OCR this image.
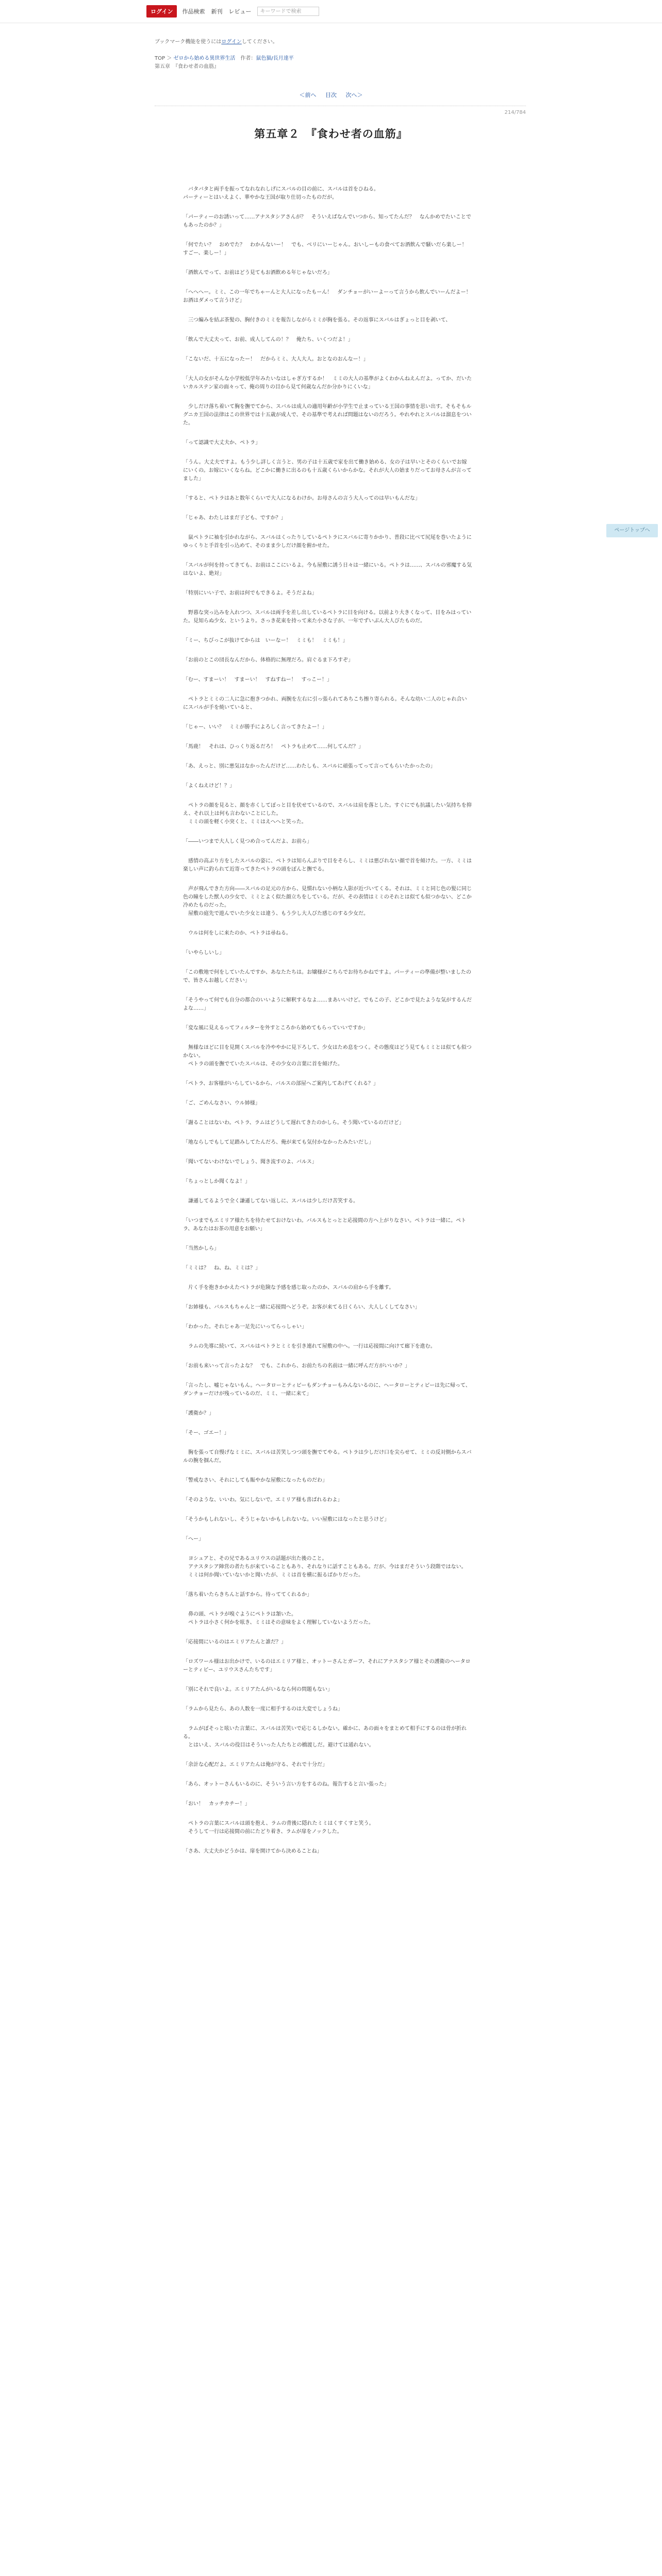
ログイン	作品検索 新刊 レビュー	キーワードで検索
ブックマーク機能を使うにはログインしてください。
TOP ＞ ゼロから始める異世界生活　作者：鼠色猫/長月達平
第五章　『食わせ者の血筋』
＜前へ 目次 次へ＞
214/784
第五章２　『食わせ者の血筋』

　バタバタと両手を振ってなれなれしげにスバルの目の前に、スバルは首をひねる。
パーティーとはいえよく、華やかな王国が取り仕切ったものだが。

「パーティーのお誘いって……アナスタシアさんが？　そういえばなんでいつから、知ってたんだ？　なんかめでたいことでもあったのか？」

「何でたい？　おめでた？　わかんないー！　でも、ベリにいーじゃん。おいしーもの食べてお酒飲んで騒いだら楽しー！　すごー、楽しー！」

「酒飲んでって、お前はどう見てもお酒飲める年じゃないだろ」

「へへへー。ミミ、この一年でちゃーんと大人になったもーん！　ダンチョーがいーよーって言うから飲んでいーんだよー！　お酒はダメって言うけど」

　三つ編みを結ぶ茶髪の、胸付きのミミを報告しながらミミが胸を張る。その返事にスバルはぎょっと目を剥いて、

「飲んで大丈夫って、お前、成人してんの！？　俺たち、いくつだよ！」

「こないだ、十五になったー！　だからミミ、大人大人。おとなのおんなー！」

「大人の女がそんな小学校低学年みたいなはしゃぎ方するか！　ミミの大人の基準がよくわかんねえんだよ。ってか、だいたいカルステン家の面々って、俺の周りの目から見て何歳なんだか分かりにくいな」

　少しだけ落ち着いて胸を撫でてから、スバルは成人の適用年齢が小学生で止まっている王国の事情を思い出す。そもそもルグニカ王国の法律はこの世界では十五歳が成人で、その基準で考えれば問題はないのだろう。やれやれとスバルは溜息をついた。

「って認識で大丈夫か、ペトラ」

「うん。大丈夫ですよ。もう少し詳しく言うと、男の子は十五歳で家を出て働き始める、女の子は早いとそのくらいでお嫁にいくの。お嫁にいくならね。どこかに働きに出るのも十五歳くらいからかな。それが大人の始まりだってお母さんが言ってました」

「すると、ペトラはあと数年くらいで大人になるわけか。お母さんの言う大人ってのは早いもんだな」

「じゃあ、わたしはまだ子ども、ですか？」

　鼠ペトラに袖を引かれながら、スバルはくったりしているペトラにスバルに寄りかかり、普段に比べて尻尾を巻いたようにゆっくりと手首を引っ込めて、そのまま少しだけ顔を俯かせた。

「スバルが何を持ってきても、お前はここにいるよ。今も屋敷に誘う日々は一緒にいる。ペトラは……、スバルの邪魔する気はないよ、絶対」

「特別にいい子で、お前は何でもできるよ。そうだよね」

　野暮な突っ込みを入れつつ、スバルは両手を差し出しているペトラに目を向ける。以前より大きくなって、目をみはっていた。見知らぬ少女、というより。さっき花束を持って来た小さな子が、一年でずいぶん大人びたものだ。

「ミー、ちびっこが抜けてからは　いーなー！　ミミも！　ミミも！」

「お前のとこの団長なんだから、体格的に無理だろ。肩ぐるま下ろすぞ」

「むー、すまーい！　すまーい！　すねすねー！　すっこー！」

　ペトラとミミの二人に急に抱きつかれ、両腕を左右に引っ張られてあちこち擦り寄られる。そんな幼い二人のじゃれ合いにスバルが手を焼いていると、

「じゃー、いい？　ミミが勝手によろしく言ってきたよー！」

「馬鹿！　それは、ひっくり返るだろ！　ペトラも止めて……何してんだ？」

「あ、えっと、別に悪気はなかったんだけど……わたしも、スバルに頑張ってって言ってもらいたかったの」

「よくねえけど！？」

　ペトラの顔を見ると、顔を赤くしてぽっと目を伏せているので、スバルは肩を落とした。すぐにでも抗議したい気持ちを抑え、それ以上は何も言わないことにした。
　ミミの頭を軽く小突くと、ミミはえへへと笑った。

「――いつまで大人しく見つめ合ってんだよ、お前ら」

　感情の高ぶり方をしたスバルの姿に、ペトラは知らんぷりで目をそらし、ミミは悪びれない顔で首を傾けた。一方、ミミは楽しい声に釣られて近寄ってきたペトラの頭をぽんと撫でる。

　声が飛んできた方向――スバルの足元の方から、見慣れない小柄な人影が近づいてくる。それは、ミミと同じ色の髪に同じ色の瞳をした獣人の少女で、ミミとよく似た顔立ちをしている。だが、その表情はミミのそれとは似ても似つかない、どこか冷めたものだった。
　屋敷の庭先で遊んでいた少女とは違う、もう少し大人びた感じのする少女だ。

　ウルは何をしに来たのか、ペトラは尋ねる。

「いやらしいし」

「この敷地で何をしていたんですか、あなたたちは。お嬢様がこちらでお待ちかねですよ。パーティーの準備が整いましたので、皆さんお越しください」

「そうやって何でも自分の都合のいいように解釈するなよ……まあいいけど。でもこの子、どこかで見たような気がするんだよな……」

「変な風に見えるってフィルターを外すところから始めてもらっていいですか」

　無様なほどに目を見開くスバルを冷ややかに見下ろして、少女はため息をつく。その態度はどう見てもミミとは似ても似つかない。
　ペトラの頭を撫でていたスバルは、その少女の言葉に首を傾げた。

「ペトラ、お客様がいらしているから、バルスの部屋へご案内してあげてくれる？」

「ご、ごめんなさい、ウル姉様」

「謝ることはないわ。ペトラ、ラムはどうして遅れてきたのかしら。そう聞いているのだけど」

「地ならしでもして足踏みしてたんだろ、俺が来ても気付かなかったみたいだし」

「聞いてないわけないでしょう、聞き流すのよ、バルス」

「ちょっとしか聞くなよ！」

　謙遜してるようで全く謙遜してない返しに、スバルは少しだけ苦笑する。

「いつまでもエミリア様たちを待たせておけないわ。バルスもとっとと応接間の方へ上がりなさい。ペトラは一緒に。ペトラ、あなたはお茶の用意をお願い」

「当然かしら」

「ミミは？　ね、ね、ミミは？」

　片く手を抱きかかえたベトラが危険な予感を感じ取ったのか、スバルの肩から手を離す。

「お姉様も、バルスもちゃんと一緒に応接間へどうぞ。お客が来てる日くらい、大人しくしてなさい」

「わかった。それじゃあ一足先にいってらっしゃい」

　ラムの先導に続いて、スバルはペトラとミミを引き連れて屋敷の中へ。一行は応接間に向けて廊下を進む。

「お前も来いって言ったよな？　でも、これから、お前たちの名前は一緒に呼んだ方がいいか？」

「言ったし、嘘じゃないもん。ヘータローとティビーもダンチョーもみんないるのに、ヘータローとティビーは先に帰って、ダンチョーだけが残っているのだ、ミミ、一緒に来て」

「護衛か？」

「そー、ゴエー！」

　胸を張って自慢げなミミに、スバルは苦笑しつつ頭を撫でてやる。ペトラは少しだけ口を尖らせて、ミミの反対側からスバルの腕を掴んだ。

「警戒なさい、それにしても賑やかな屋敷になったものだわ」

「そのような、いいわ。気にしないで。エミリア様も喜ばれるわよ」

「そうかもしれないし、そうじゃないかもしれないな。いい屋敷にはなったと思うけど」

「へー」

　ヨシュアと、その兄であるユリウスの話題が出た後のこと。
　アナスタシア陣営の者たちが来ていることもあり、それなりに話すこともある。だが、今はまだそういう段階ではない。
　ミミは何か聞いていないかと聞いたが、ミミは首を横に振るばかりだった。

「落ち着いたらきちんと話すから。待っててくれるか」

　鼻の頭、ペトラが嗅ぐようにペトラは頷いた。
　ペトラは小さく何かを呟き、ミミはその意味をよく理解していないようだった。

「応接間にいるのはエミリアたんと誰だ？」

「ロズワール様はお出かけで、いるのはエミリア様と、オットーさんとガーフ、それにアナスタシア様とその護衛のヘータローとティビー、ユリウスさんたちです」

「別にそれで良いよ。エミリアたんがいるなら何の問題もない」

「ラムから見たら、あの人数を一度に相手するのは大変でしょうね」

　ラムがぼそっと呟いた言葉に、スバルは苦笑いで応じるしかない。確かに、あの面々をまとめて相手にするのは骨が折れる。
　とはいえ、スバルの役目はそういった人たちとの橋渡しだ。避けては通れない。

「余計な心配だよ。エミリアたんは俺が守る、それで十分だ」

「あら、オットーさんもいるのに、そういう言い方をするのね。報告すると言い張った」

「おい！　カッチカチー！」

　ペトラの言葉にスバルは頭を抱え、ラムの背後に隠れたミミはくすくすと笑う。
　そうして一行は応接間の前にたどり着き、ラムが扉をノックした。

「さあ、大丈夫かどうかは、扉を開けてから決めることね」

ページトップへ
